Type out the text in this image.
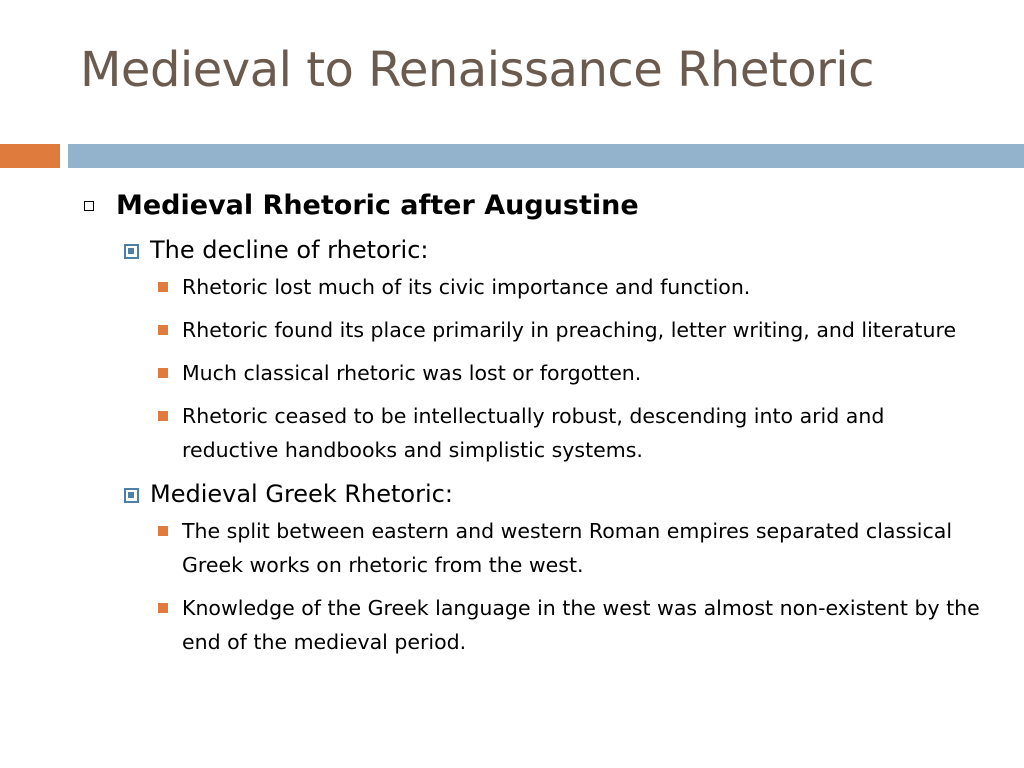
Medieval to Renaissance Rhetoric
Medieval Rhetoric after Augustine
The decline of rhetoric:
Rhetoric lost much of its civic importance and function.
Rhetoric found its place primarily in preaching, letter writing, and literature
Much classical rhetoric was lost or forgotten.
Rhetoric ceased to be intellectually robust, descending into arid and reductive handbooks and simplistic systems.
Medieval Greek Rhetoric:
The split between eastern and western Roman empires separated classical Greek works on rhetoric from the west.
Knowledge of the Greek language in the west was almost non-existent by the end of the medieval period.
